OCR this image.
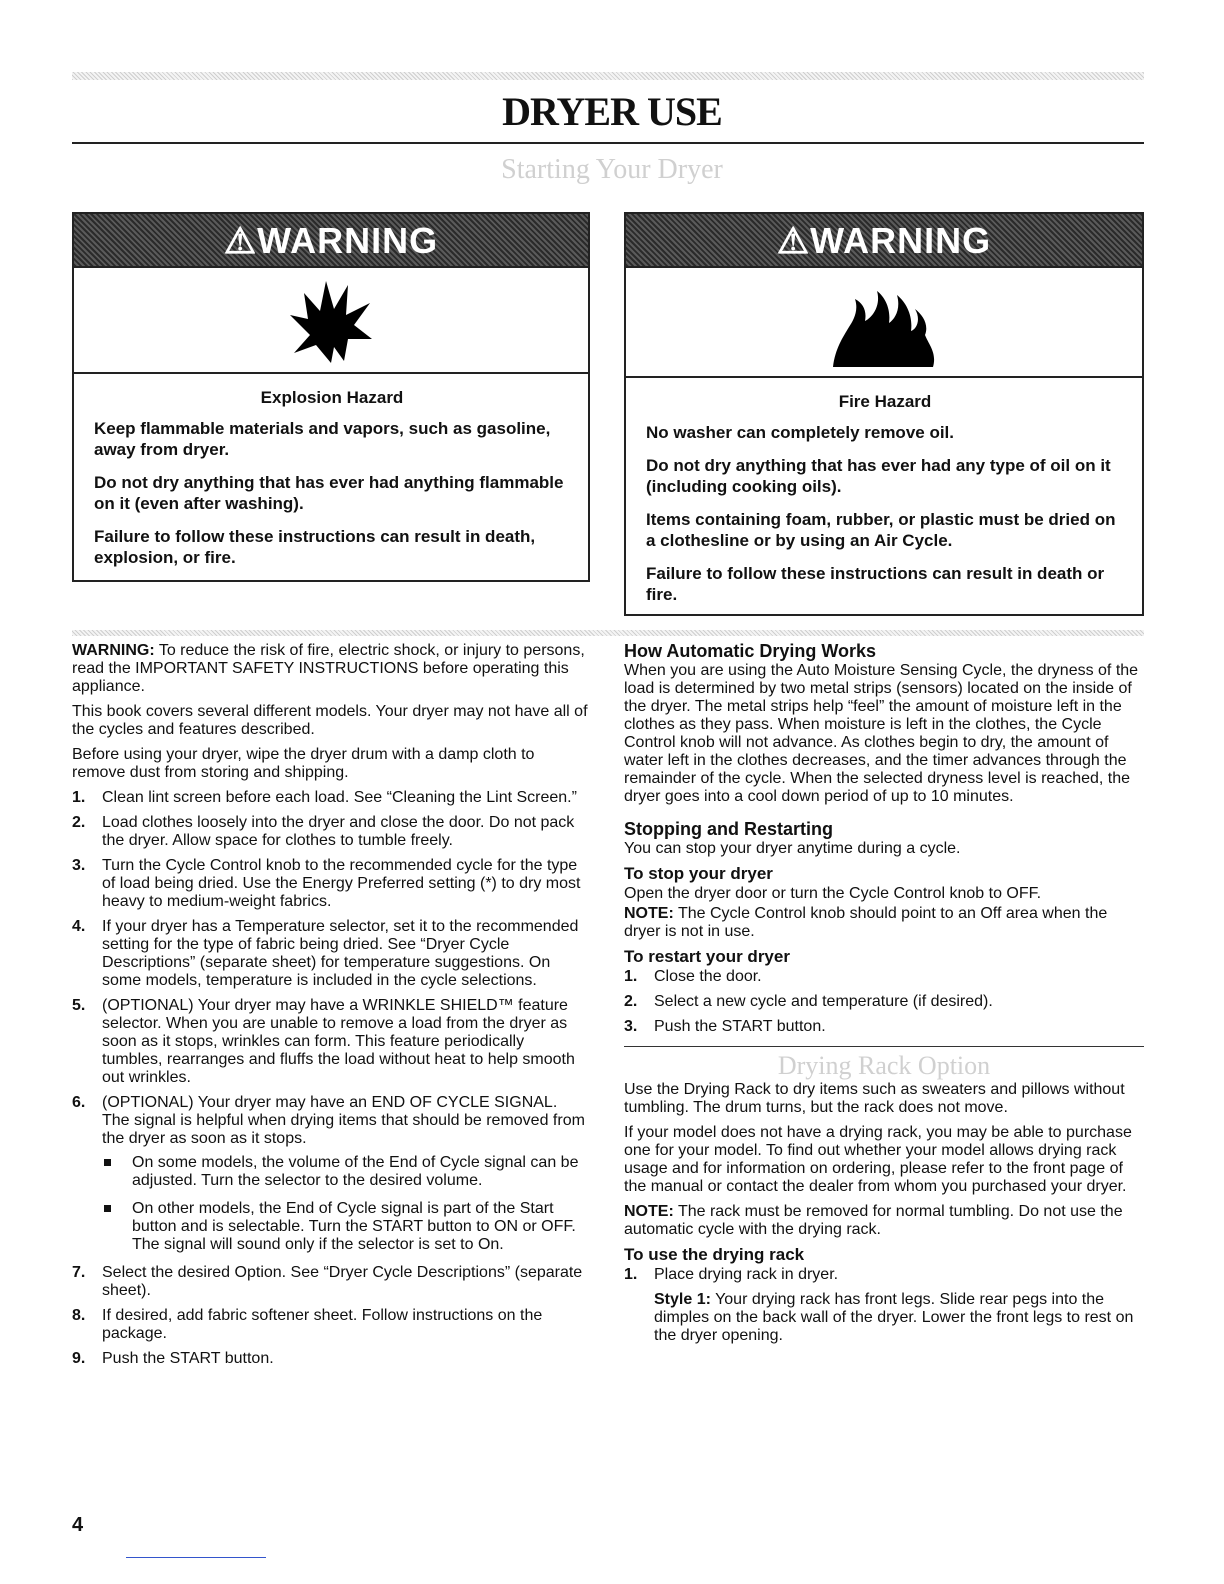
DRYER USE
Starting Your Dryer
⚠WARNING
Explosion Hazard

Keep flammable materials and vapors, such as gasoline, away from dryer.

Do not dry anything that has ever had anything flammable on it (even after washing).

Failure to follow these instructions can result in death, explosion, or fire.

⚠WARNING
Fire Hazard

No washer can completely remove oil.

Do not dry anything that has ever had any type of oil on it (including cooking oils).

Items containing foam, rubber, or plastic must be dried on a clothesline or by using an Air Cycle.

Failure to follow these instructions can result in death or fire.

WARNING: To reduce the risk of fire, electric shock, or injury to persons, read the IMPORTANT SAFETY INSTRUCTIONS before operating this appliance.

This book covers several different models. Your dryer may not have all of the cycles and features described.

Before using your dryer, wipe the dryer drum with a damp cloth to remove dust from storing and shipping.

1. Clean lint screen before each load. See “Cleaning the Lint Screen.”
2. Load clothes loosely into the dryer and close the door. Do not pack the dryer. Allow space for clothes to tumble freely.
3. Turn the Cycle Control knob to the recommended cycle for the type of load being dried. Use the Energy Preferred setting (*) to dry most heavy to medium-weight fabrics.
4. If your dryer has a Temperature selector, set it to the recommended setting for the type of fabric being dried. See “Dryer Cycle Descriptions” (separate sheet) for temperature suggestions. On some models, temperature is included in the cycle selections.
5. (OPTIONAL) Your dryer may have a WRINKLE SHIELD™ feature selector. When you are unable to remove a load from the dryer as soon as it stops, wrinkles can form. This feature periodically tumbles, rearranges and fluffs the load without heat to help smooth out wrinkles.
6. (OPTIONAL) Your dryer may have an END OF CYCLE SIGNAL. The signal is helpful when drying items that should be removed from the dryer as soon as it stops.
On some models, the volume of the End of Cycle signal can be adjusted. Turn the selector to the desired volume.
On other models, the End of Cycle signal is part of the Start button and is selectable. Turn the START button to ON or OFF. The signal will sound only if the selector is set to On.
7. Select the desired Option. See “Dryer Cycle Descriptions” (separate sheet).
8. If desired, add fabric softener sheet. Follow instructions on the package.
9. Push the START button.
How Automatic Drying Works

When you are using the Auto Moisture Sensing Cycle, the dryness of the load is determined by two metal strips (sensors) located on the inside of the dryer. The metal strips help “feel” the amount of moisture left in the clothes as they pass. When moisture is left in the clothes, the Cycle Control knob will not advance. As clothes begin to dry, the amount of water left in the clothes decreases, and the timer advances through the remainder of the cycle. When the selected dryness level is reached, the dryer goes into a cool down period of up to 10 minutes.

Stopping and Restarting

You can stop your dryer anytime during a cycle.

To stop your dryer

Open the dryer door or turn the Cycle Control knob to OFF.

NOTE: The Cycle Control knob should point to an Off area when the dryer is not in use.

To restart your dryer
1. Close the door.
2. Select a new cycle and temperature (if desired).
3. Push the START button.
Drying Rack Option

Use the Drying Rack to dry items such as sweaters and pillows without tumbling. The drum turns, but the rack does not move.

If your model does not have a drying rack, you may be able to purchase one for your model. To find out whether your model allows drying rack usage and for information on ordering, please refer to the front page of the manual or contact the dealer from whom you purchased your dryer.

NOTE: The rack must be removed for normal tumbling. Do not use the automatic cycle with the drying rack.

To use the drying rack
1. Place drying rack in dryer.

Style 1: Your drying rack has front legs. Slide rear pegs into the dimples on the back wall of the dryer. Lower the front legs to rest on the dryer opening.

4
